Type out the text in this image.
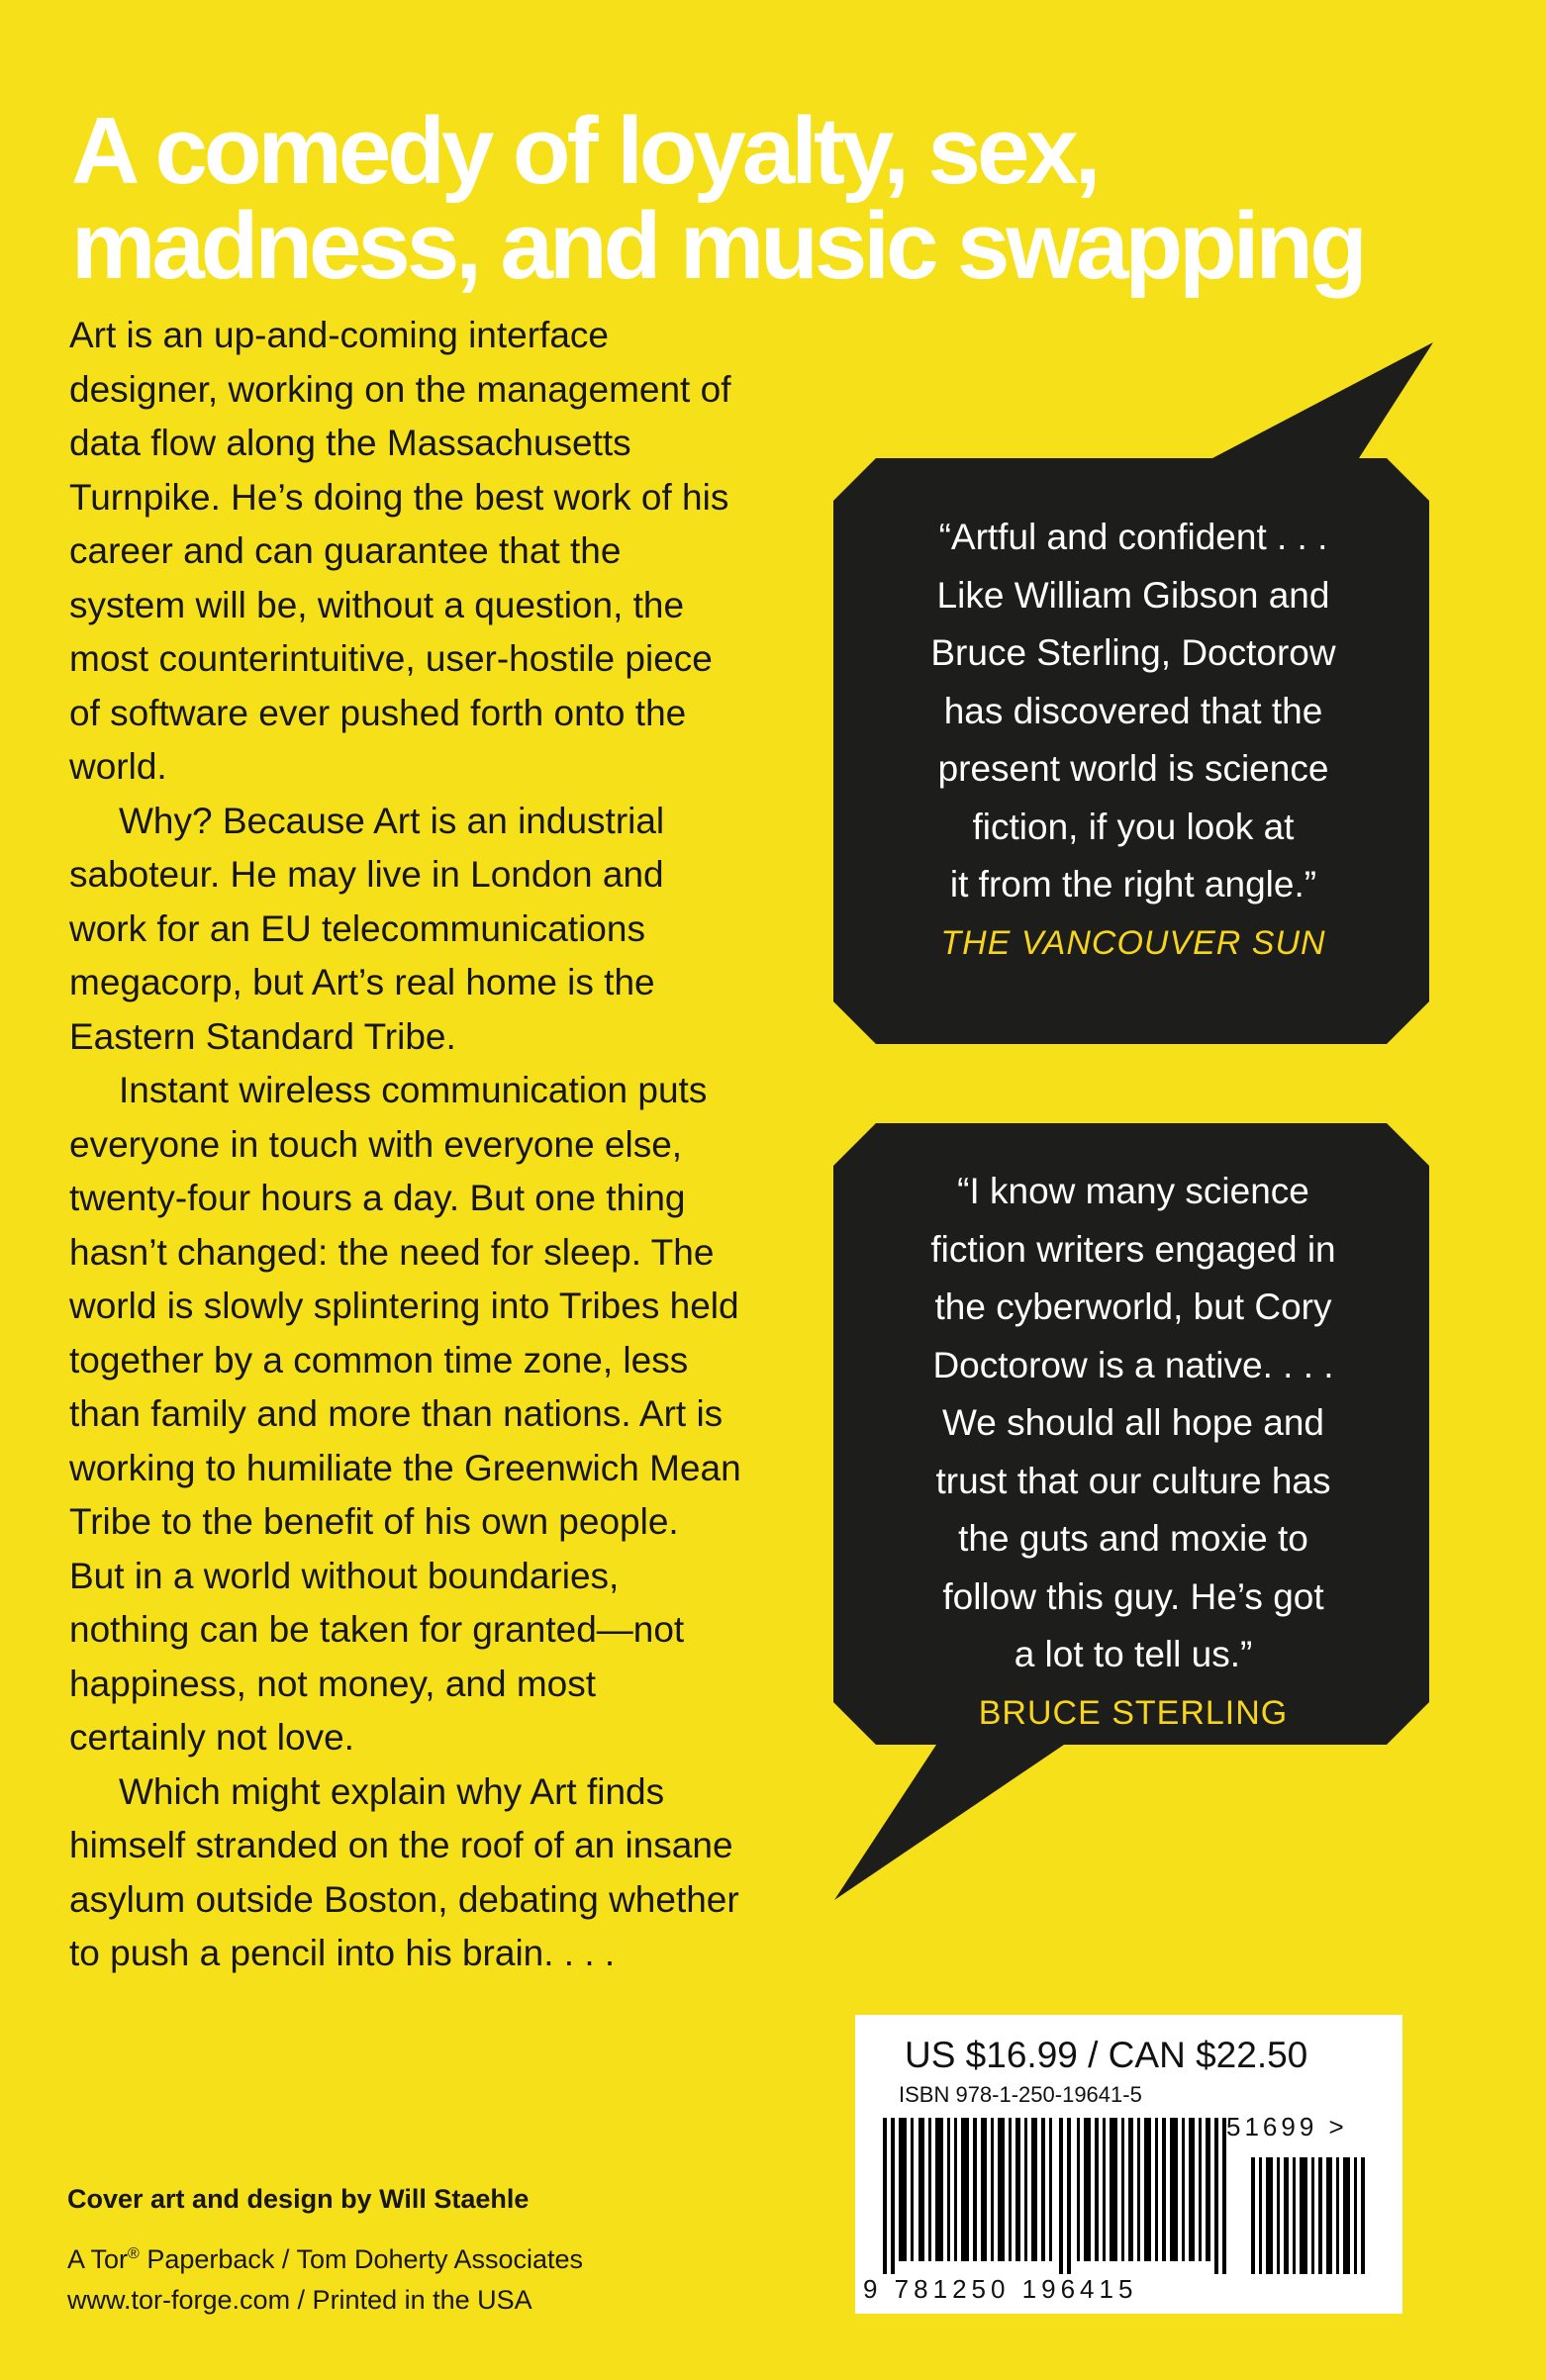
A comedy of loyalty, sex,
madness, and music swapping

Art is an up-and-coming interface designer, working on the management of data flow along the Massachusetts Turnpike. He’s doing the best work of his career and can guarantee that the system will be, without a question, the most counterintuitive, user-hostile piece of software ever pushed forth onto the world.

Why? Because Art is an industrial saboteur. He may live in London and work for an EU telecommunications megacorp, but Art’s real home is the Eastern Standard Tribe.

Instant wireless communication puts everyone in touch with everyone else, twenty-four hours a day. But one thing hasn’t changed: the need for sleep. The world is slowly splintering into Tribes held together by a common time zone, less than family and more than nations. Art is working to humiliate the Greenwich Mean Tribe to the benefit of his own people. But in a world without boundaries, nothing can be taken for granted—not happiness, not money, and most certainly not love.

Which might explain why Art finds himself stranded on the roof of an insane asylum outside Boston, debating whether to push a pencil into his brain. . . .

“Artful and confident . . .
Like William Gibson and
Bruce Sterling, Doctorow
has discovered that the
present world is science
fiction, if you look at
it from the right angle.”
THE VANCOUVER SUN
“I know many science
fiction writers engaged in
the cyberworld, but Cory
Doctorow is a native. . . .
We should all hope and
trust that our culture has
the guts and moxie to
follow this guy. He’s got
a lot to tell us.”
BRUCE STERLING
US $16.99 / CAN $22.50
ISBN 978-1-250-19641-5
51699 >
9 781250 196415
Cover art and design by Will Staehle
A Tor® Paperback / Tom Doherty Associates
www.tor-forge.com / Printed in the USA
